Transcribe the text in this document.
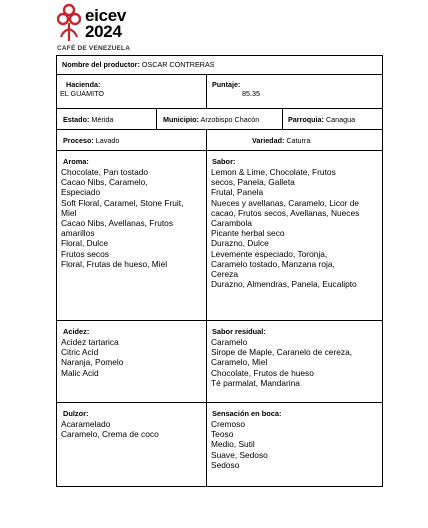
eicev
2024
CAFÉ DE VENEZUELA
Nombre del productor: OSCAR CONTRERAS
Hacienda:
EL GUAMITO
Puntaje:
85.35
Estado: Mérida	Municipio: Arzobispo Chacón	Parroquia: Canagua
Proceso: Lavado	Variedad: Caturra
Aroma:
Chocolate, Pan tostado
Cacao Nibs, Caramelo,
Especiado
Soft Floral, Caramel, Stone Fruit,
Miel
Cacao Nibs, Avellanas, Frutos
amarillos
Floral, Dulce
Frutos secos
Floral, Frutas de hueso, Miel
Sabor:
Lemon & Lime, Chocolate, Frutos
secos, Panela, Galleta
Frutal, Panela
Nueces y avellanas, Caramelo, Licor de
cacao, Frutos secos, Avellanas, Nueces
Carambola
Picante herbal seco
Durazno, Dulce
Levemente especiado, Toronja,
Caramelo tostado, Manzana roja,
Cereza
Durazno, Almendras, Panela, Eucalipto
Acidez:
Acidez tartarica
Citric Acid
Naranja, Pomelo
Malic Acid
Sabor residual:
Caramelo
Sirope de Maple, Caranelo de cereza,
Caramelo, Miel
Chocolate, Frutos de hueso
Té parmalat, Mandarina
Dulzor:
Acaramelado
Caramelo, Crema de coco
Sensación en boca:
Cremoso
Teoso
Medio, Sutil
Suave, Sedoso
Sedoso
